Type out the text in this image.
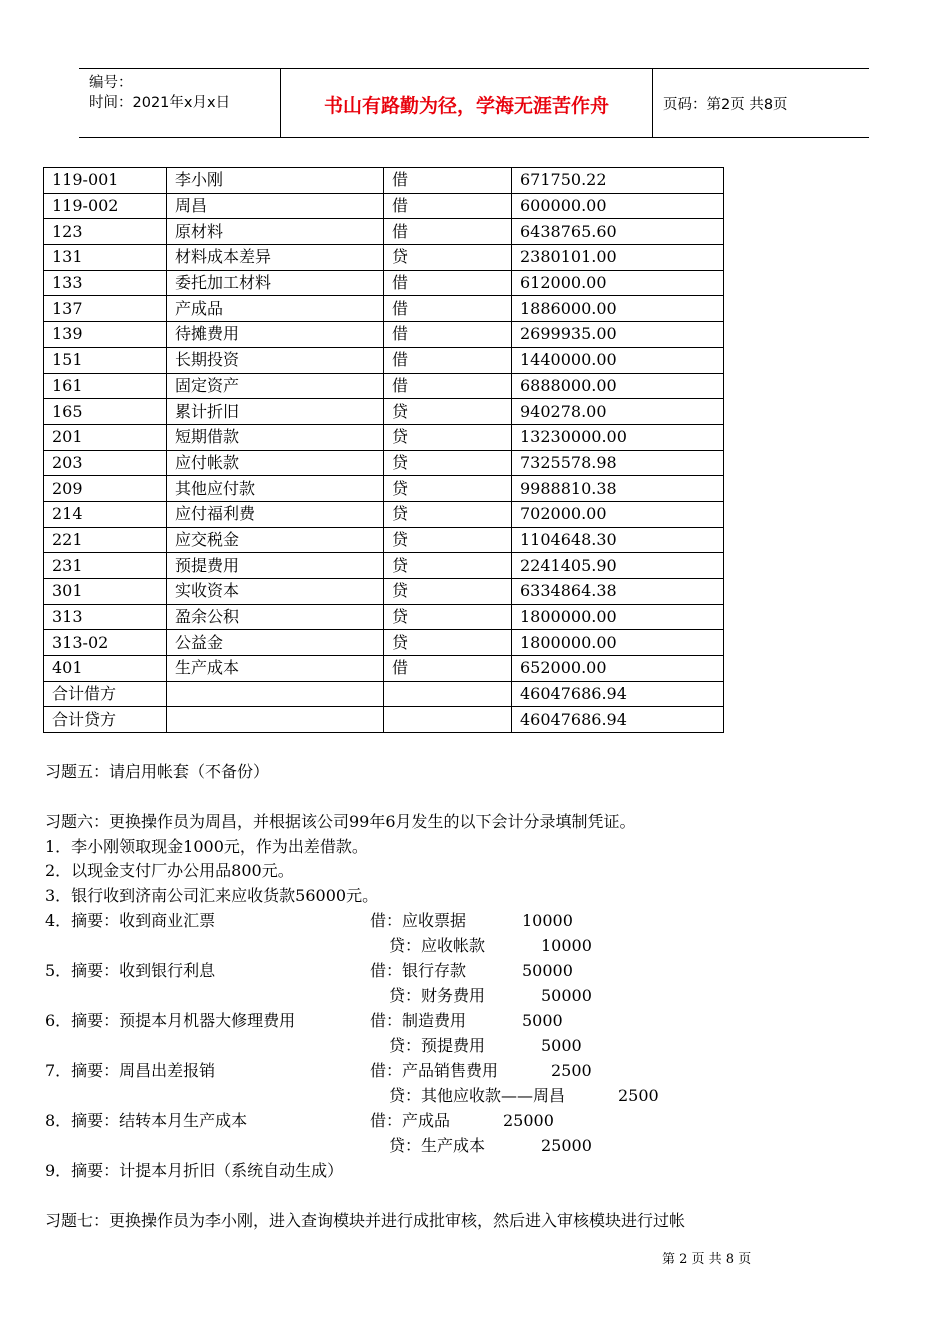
编号：
时间：2021年x月x日	书山有路勤为径，学海无涯苦作舟	页码：第2页 共8页
119-001	李小刚	借	671750.22
119-002	周昌	借	600000.00
123	原材料	借	6438765.60
131	材料成本差异	贷	2380101.00
133	委托加工材料	借	612000.00
137	产成品	借	1886000.00
139	待摊费用	借	2699935.00
151	长期投资	借	1440000.00
161	固定资产	借	6888000.00
165	累计折旧	贷	940278.00
201	短期借款	贷	13230000.00
203	应付帐款	贷	7325578.98
209	其他应付款	贷	9988810.38
214	应付福利费	贷	702000.00
221	应交税金	贷	1104648.30
231	预提费用	贷	2241405.90
301	实收资本	贷	6334864.38
313	盈余公积	贷	1800000.00
313-02	公益金	贷	1800000.00
401	生产成本	借	652000.00
合计借方			46047686.94
合计贷方			46047686.94
习题五：请启用帐套（不备份）
习题六：更换操作员为周昌，并根据该公司99年6月发生的以下会计分录填制凭证。
1．李小刚领取现金1000元，作为出差借款。
2．以现金支付厂办公用品800元。
3．银行收到济南公司汇来应收货款56000元。
4．摘要：收到商业汇票	借：应收票据	10000
贷：应收帐款	10000
5．摘要：收到银行利息	借：银行存款	50000
贷：财务费用	50000
6．摘要：预提本月机器大修理费用	借：制造费用	5000
贷：预提费用	5000
7．摘要：周昌出差报销	借：产品销售费用	2500
贷：其他应收款——周昌	2500
8．摘要：结转本月生产成本	借：产成品	25000
贷：生产成本	25000
9．摘要：计提本月折旧（系统自动生成）
习题七：更换操作员为李小刚，进入查询模块并进行成批审核，然后进入审核模块进行过帐
第 2 页 共 8 页
